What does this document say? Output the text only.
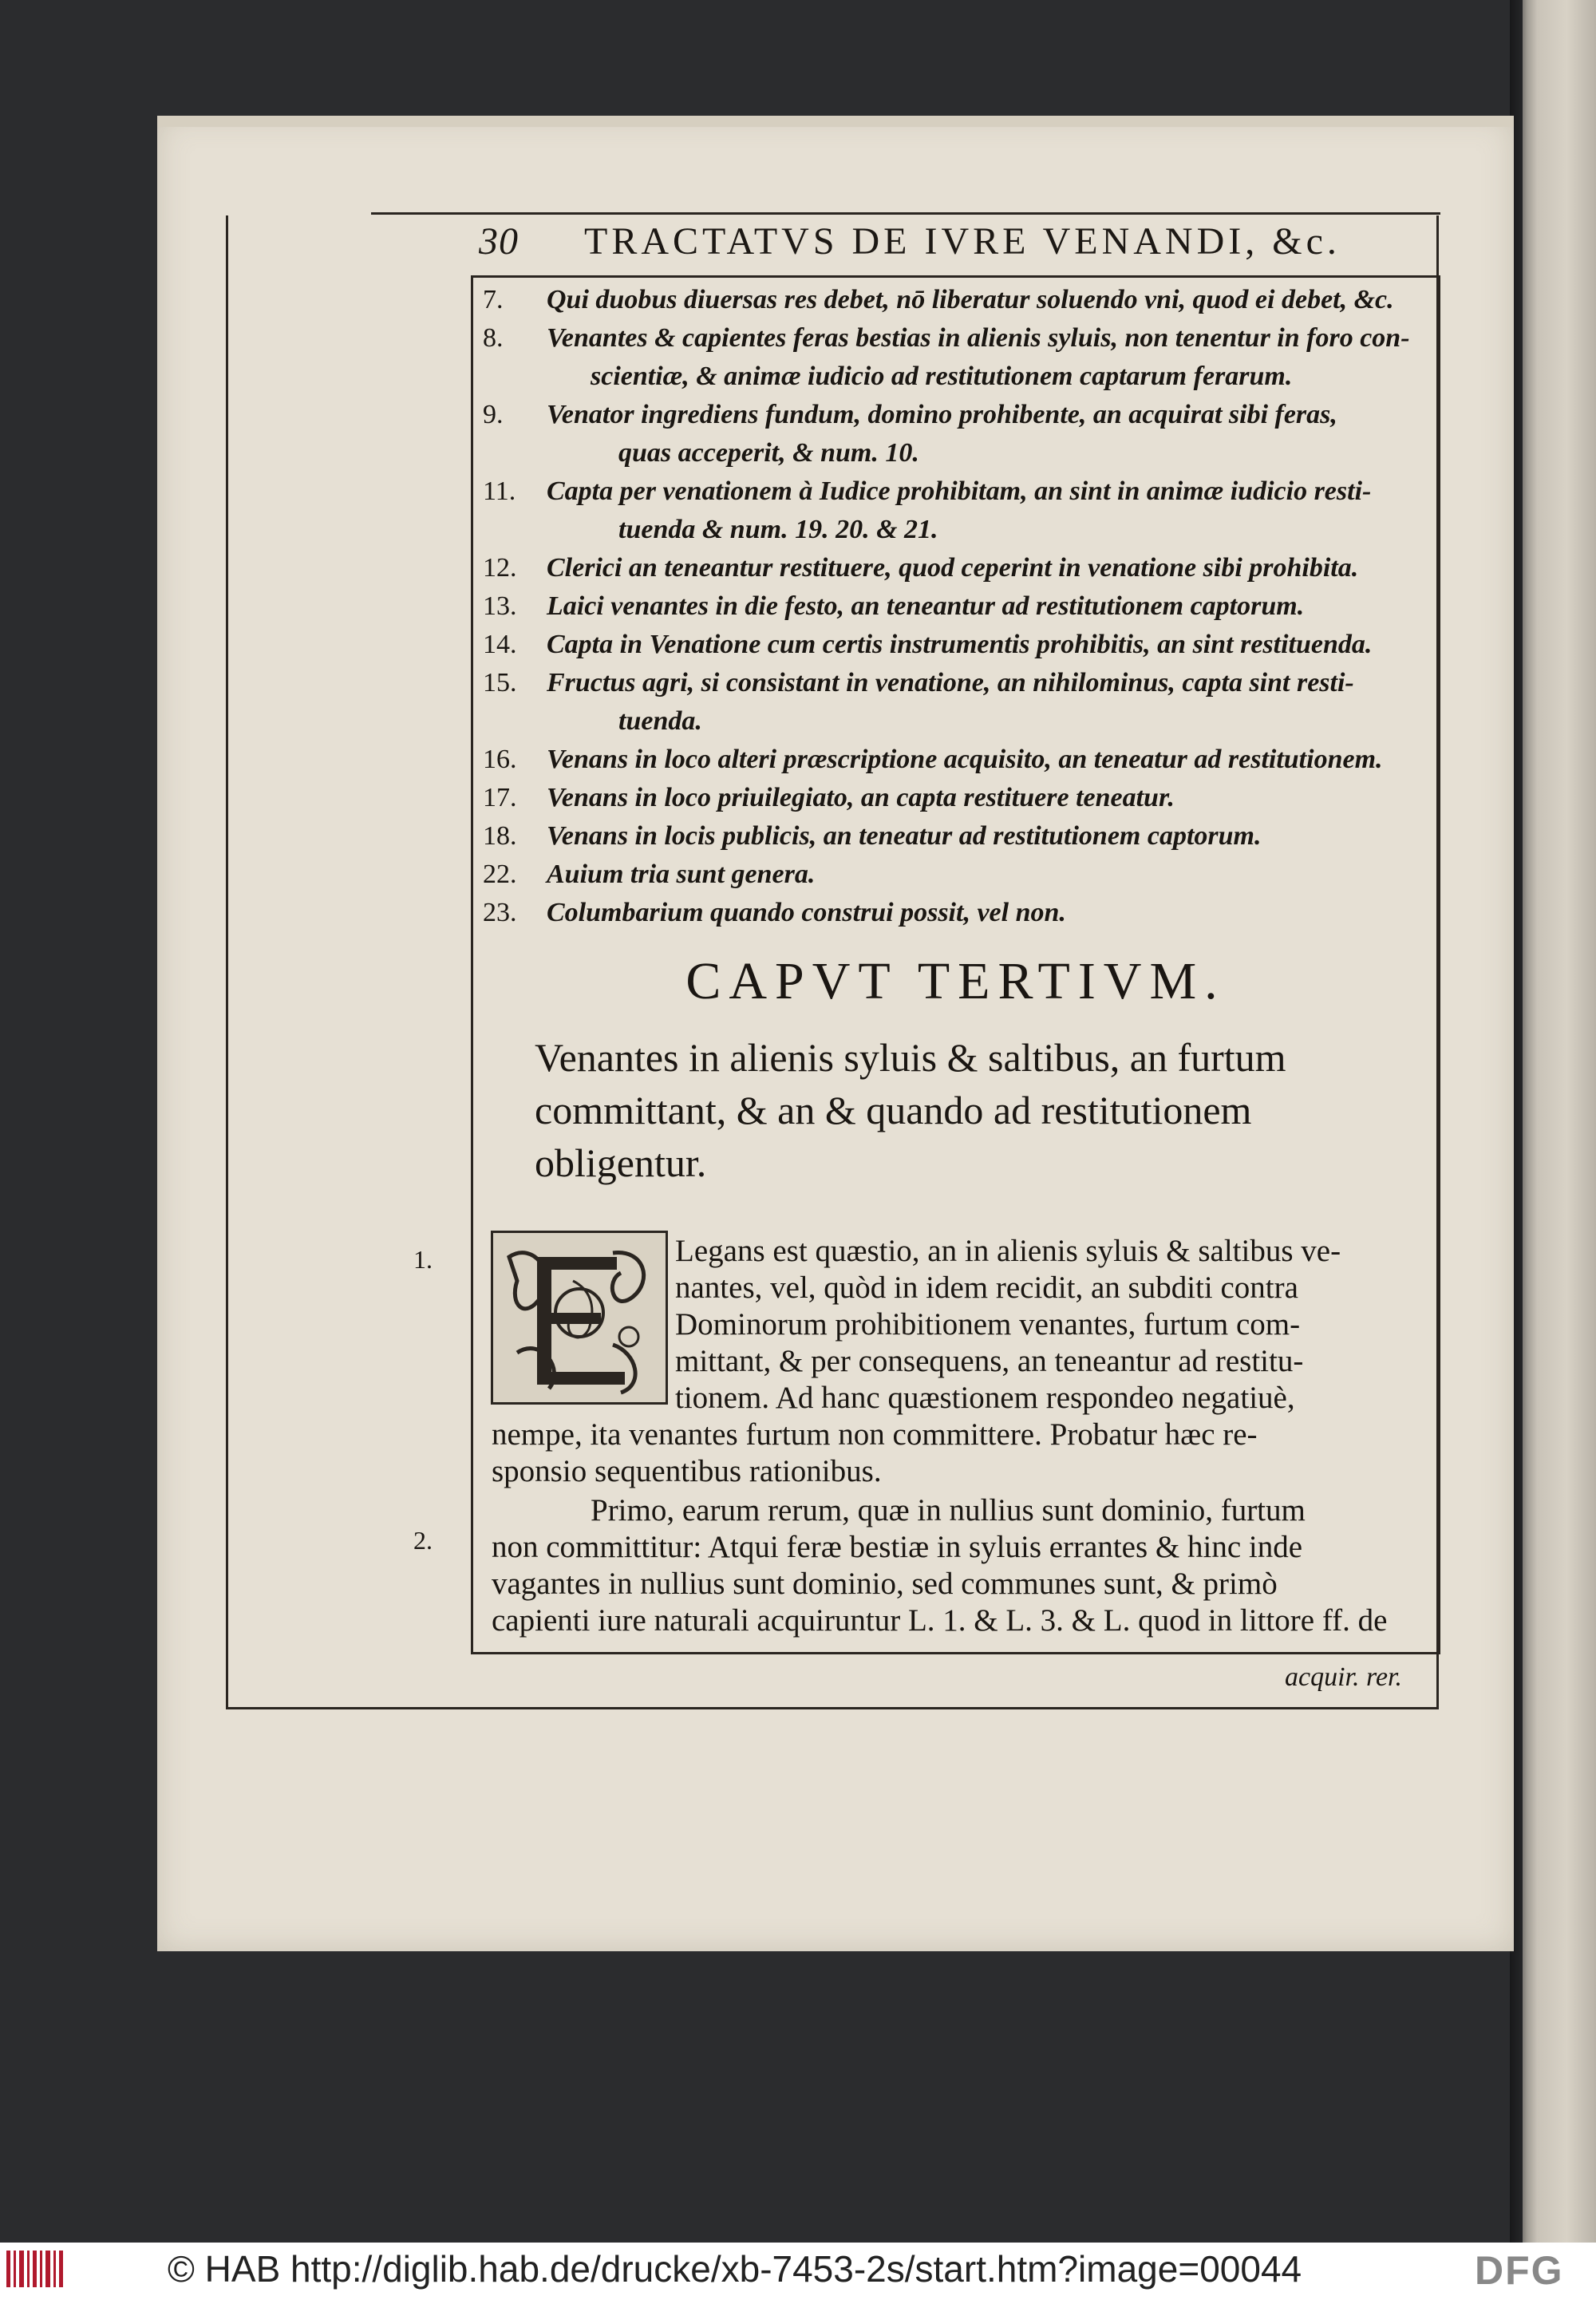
30 TRACTATVS DE IVRE VENANDI, &c.
7.	Qui duobus diuersas res debet, nō liberatur soluendo vni, quod ei debet, &c.
8.	Venantes & capientes feras bestias in alienis syluis, non tenentur in foro con-
scientiæ, & animæ iudicio ad restitutionem captarum ferarum.
9.	Venator ingrediens fundum, domino prohibente, an acquirat sibi feras,
quas acceperit, & num. 10.
11.	Capta per venationem à Iudice prohibitam, an sint in animæ iudicio resti-
tuenda & num. 19. 20. & 21.
12.	Clerici an teneantur restituere, quod ceperint in venatione sibi prohibita.
13.	Laici venantes in die festo, an teneantur ad restitutionem captorum.
14.	Capta in Venatione cum certis instrumentis prohibitis, an sint restituenda.
15.	Fructus agri, si consistant in venatione, an nihilominus, capta sint resti-
tuenda.
16.	Venans in loco alteri præscriptione acquisito, an teneatur ad restitutionem.
17.	Venans in loco priuilegiato, an capta restituere teneatur.
18.	Venans in locis publicis, an teneatur ad restitutionem captorum.
22.	Auium tria sunt genera.
23.	Columbarium quando construi possit, vel non.
CAPVT TERTIVM.
Venantes in alienis syluis & saltibus, an furtum
committant, & an & quando ad restitutionem
obligentur.
1.
2.
Legans est quæstio, an in alienis syluis & saltibus ve-
nantes, vel, quòd in idem recidit, an subditi contra
Dominorum prohibitionem venantes, furtum com-
mittant, & per consequens, an teneantur ad restitu-
tionem. Ad hanc quæstionem respondeo negatiuè,
nempe, ita venantes furtum non committere. Probatur hæc re-
sponsio sequentibus rationibus.
Primo, earum rerum, quæ in nullius sunt dominio, furtum
non committitur: Atqui feræ bestiæ in syluis errantes & hinc inde
vagantes in nullius sunt dominio, sed communes sunt, & primò
capienti iure naturali acquiruntur L. 1. & L. 3. & L. quod in littore ff. de
acquir. rer.
© HAB http://diglib.hab.de/drucke/xb-7453-2s/start.htm?image=00044	DFG
